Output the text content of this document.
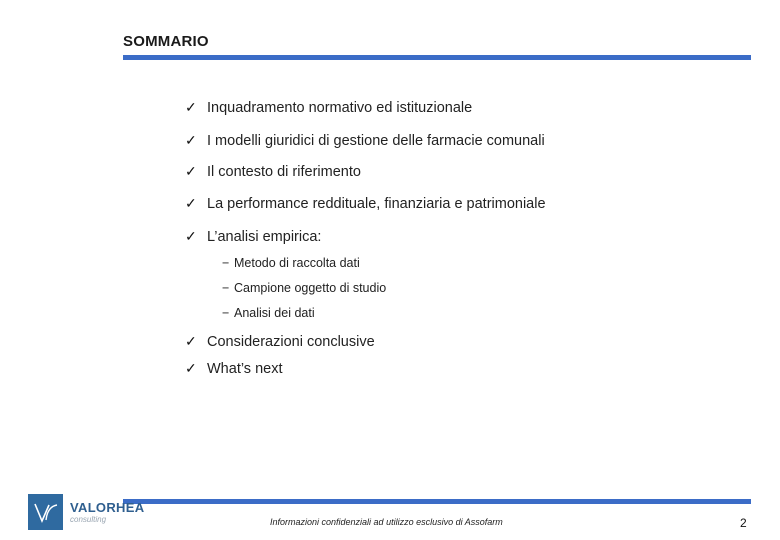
SOMMARIO
✓ Inquadramento normativo ed istituzionale
✓ I modelli giuridici di gestione delle farmacie comunali
✓ Il contesto di riferimento
✓ La performance reddituale, finanziaria e patrimoniale
✓ L’analisi empirica:
− Metodo di raccolta dati
− Campione oggetto di studio
− Analisi dei dati
✓ Considerazioni conclusive
✓ What’s next
VALORHEA
consulting	Informazioni confidenziali ad utilizzo esclusivo di Assofarm	2
